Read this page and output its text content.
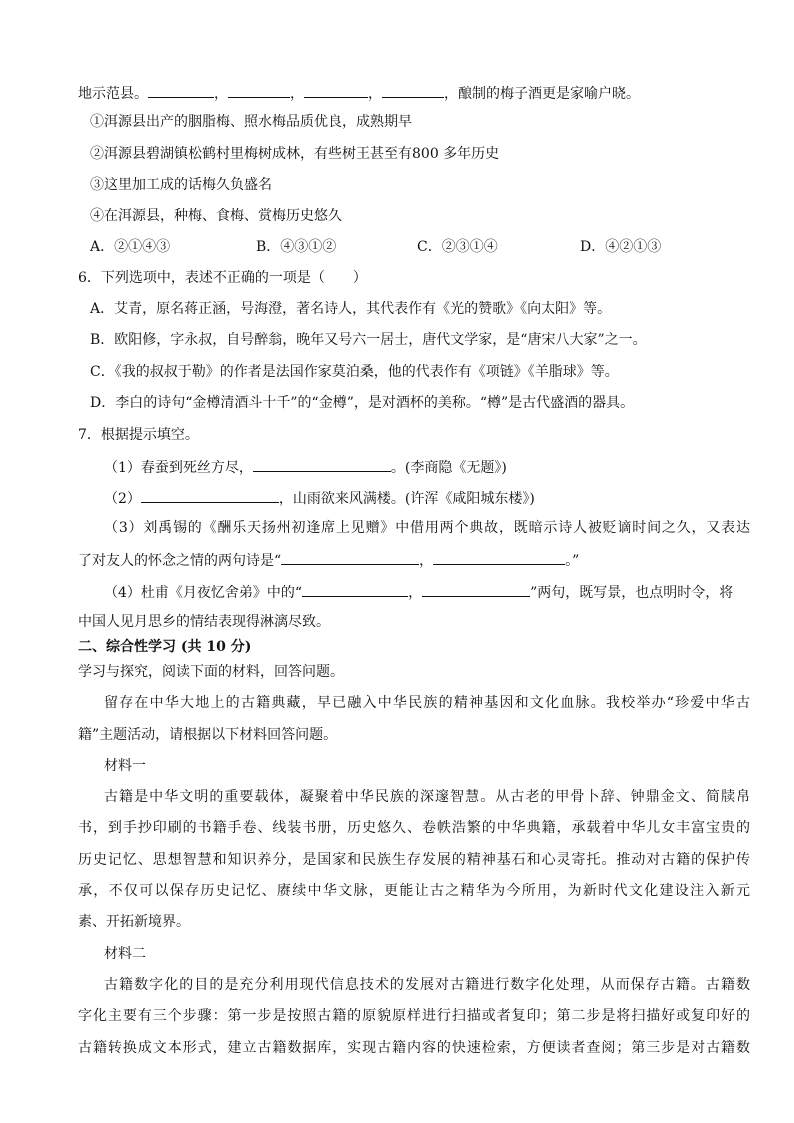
地示范县。	，	，	，	，酿制的梅子酒更是家喻户晓。
①洱源县出产的胭脂梅、照水梅品质优良，成熟期早
②洱源县碧湖镇松鹤村里梅树成林，有些树王甚至有800 多年历史
③这里加工成的话梅久负盛名
④在洱源县，种梅、食梅、赏梅历史悠久
A．②①④③	B．④③①②	C．②③①④	D．④②①③
6．下列选项中，表述不正确的一项是（　　）
A．艾青，原名蒋正涵，号海澄，著名诗人，其代表作有《光的赞歌》《向太阳》等。
B．欧阳修，字永叔，自号醉翁，晚年又号六一居士，唐代文学家，是“唐宋八大家”之一。
C．《我的叔叔于勒》的作者是法国作家莫泊桑，他的代表作有《项链》《羊脂球》等。
D．李白的诗句“金樽清酒斗十千”的“金樽”，是对酒杯的美称。“樽”是古代盛酒的器具。
7．根据提示填空。
（1）春蚕到死丝方尽，	。(李商隐《无题》)
（2）	，山雨欲来风满楼。(许浑《咸阳城东楼》)
（3）刘禹锡的《酬乐天扬州初逢席上见赠》中借用两个典故，既暗示诗人被贬谪时间之久，又表达
了对友人的怀念之情的两句诗是“	，	。”
（4）杜甫《月夜忆舍弟》中的“	，	”两句，既写景，也点明时令，将
中国人见月思乡的情结表现得淋漓尽致。
二、综合性学习 (共 10 分)
学习与探究，阅读下面的材料，回答问题。
留存在中华大地上的古籍典藏，早已融入中华民族的精神基因和文化血脉。我校举办“珍爱中华古
籍”主题活动，请根据以下材料回答问题。
材料一
古籍是中华文明的重要载体，凝聚着中华民族的深邃智慧。从古老的甲骨卜辞、钟鼎金文、简牍帛
书，到手抄印刷的书籍手卷、线装书册，历史悠久、卷帙浩繁的中华典籍，承载着中华儿女丰富宝贵的
历史记忆、思想智慧和知识养分，是国家和民族生存发展的精神基石和心灵寄托。推动对古籍的保护传
承，不仅可以保存历史记忆、赓续中华文脉，更能让古之精华为今所用，为新时代文化建设注入新元
素、开拓新境界。
材料二
古籍数字化的目的是充分利用现代信息技术的发展对古籍进行数字化处理，从而保存古籍。古籍数
字化主要有三个步骤：第一步是按照古籍的原貌原样进行扫描或者复印；第二步是将扫描好或复印好的
古籍转换成文本形式，建立古籍数据库，实现古籍内容的快速检索，方便读者查阅；第三步是对古籍数
